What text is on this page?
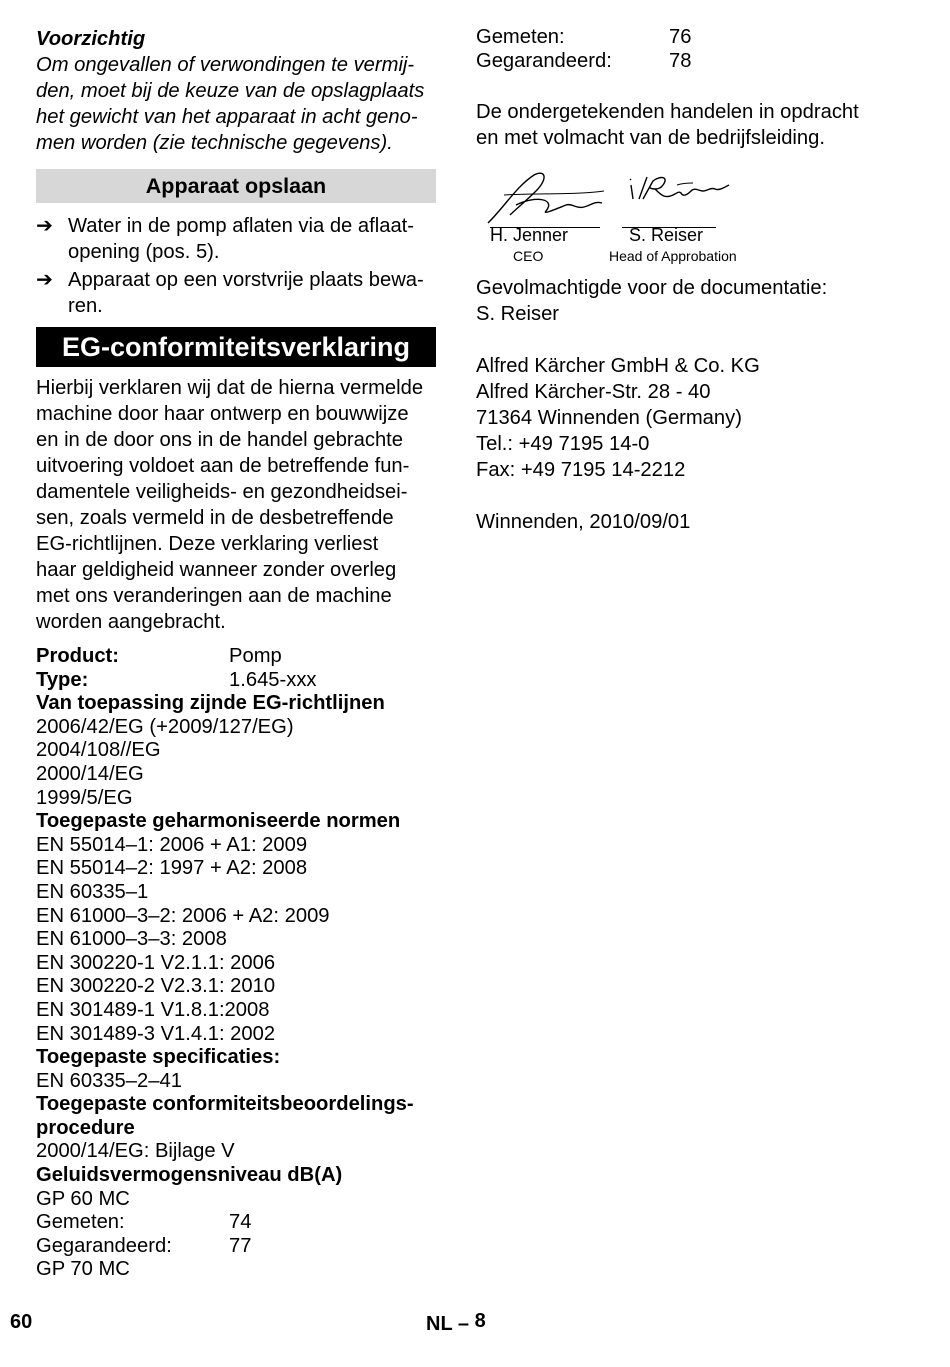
Voorzichtig

Om ongevallen of verwondingen te vermij-

den, moet bij de keuze van de opslagplaats

het gewicht van het apparaat in acht geno-

men worden (zie technische gegevens).

Apparaat opslaan
➔ Water in de pomp aflaten via de aflaat-
opening (pos. 5).
➔ Apparaat op een vorstvrije plaats bewa-
ren.
EG-conformiteitsverklaring
Hierbij verklaren wij dat de hierna vermelde
machine door haar ontwerp en bouwwijze
en in de door ons in de handel gebrachte
uitvoering voldoet aan de betreffende fun-
damentele veiligheids- en gezondheidsei-
sen, zoals vermeld in de desbetreffende
EG-richtlijnen. Deze verklaring verliest
haar geldigheid wanneer zonder overleg
met ons veranderingen aan de machine
worden aangebracht.
Product:	Pomp
Type:	1.645-xxx
Van toepassing zijnde EG-richtlijnen
2006/42/EG (+2009/127/EG)
2004/108//EG
2000/14/EG
1999/5/EG
Toegepaste geharmoniseerde normen
EN 55014–1: 2006 + A1: 2009
EN 55014–2: 1997 + A2: 2008
EN 60335–1
EN 61000–3–2: 2006 + A2: 2009
EN 61000–3–3: 2008
EN 300220-1 V2.1.1: 2006
EN 300220-2 V2.3.1: 2010
EN 301489-1 V1.8.1:2008
EN 301489-3 V1.4.1: 2002
Toegepaste specificaties:
EN 60335–2–41
Toegepaste conformiteitsbeoordelings-
procedure
2000/14/EG: Bijlage V
Geluidsvermogensniveau dB(A)
GP 60 MC
Gemeten:	74
Gegarandeerd:	77
GP 70 MC
Gemeten:	76
Gegarandeerd:	78
De ondergetekenden handelen in opdracht
en met volmacht van de bedrijfsleiding.
H. Jenner
CEO
S. Reiser
Head of Approbation
Gevolmachtigde voor de documentatie:
S. Reiser
Alfred Kärcher GmbH & Co. KG
Alfred Kärcher-Str. 28 - 40
71364 Winnenden (Germany)
Tel.: +49 7195 14-0
Fax: +49 7195 14-2212
Winnenden, 2010/09/01
60	NL – 8
